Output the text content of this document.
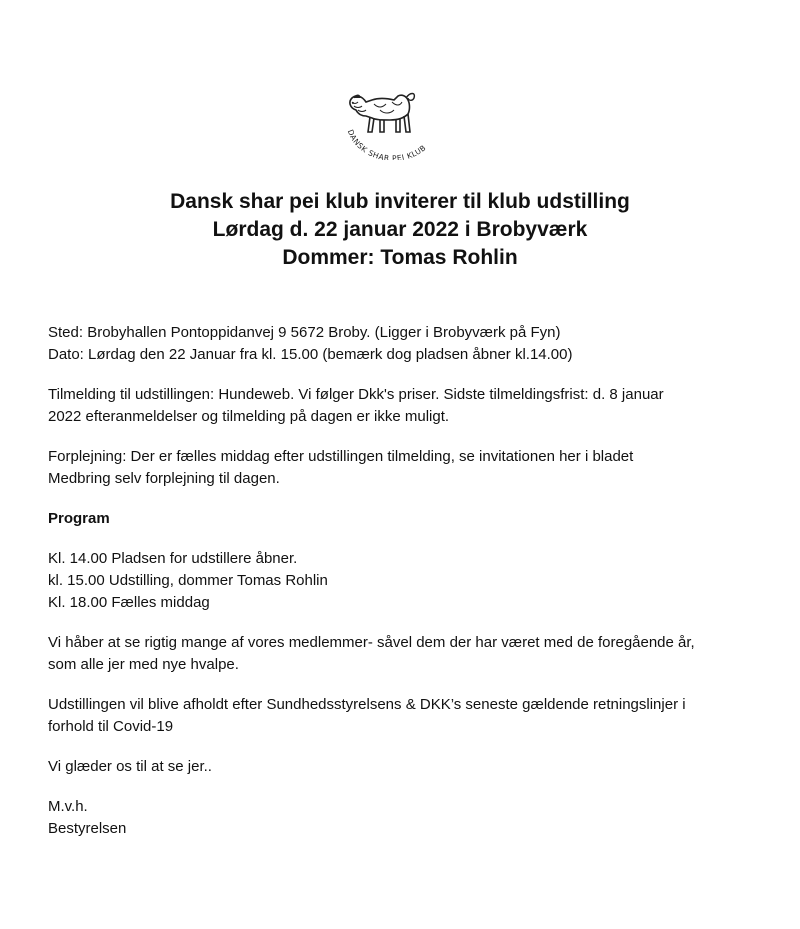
DANSK SHAR PEI KLUB
Dansk shar pei klub inviterer til klub udstilling
Lørdag d. 22 januar 2022 i Brobyværk
Dommer: Tomas Rohlin

Sted: Brobyhallen Pontoppidanvej 9 5672 Broby. (Ligger i Brobyværk på Fyn)

Dato: Lørdag den 22 Januar fra kl. 15.00 (bemærk dog pladsen åbner kl.14.00)

Tilmelding til udstillingen: Hundeweb. Vi følger Dkk's priser. Sidste tilmeldingsfrist: d. 8 januar

2022 efteranmeldelser og tilmelding på dagen er ikke muligt.

Forplejning: Der er fælles middag efter udstillingen tilmelding, se invitationen her i bladet

Medbring selv forplejning til dagen.

Program

Kl. 14.00 Pladsen for udstillere åbner.

kl. 15.00 Udstilling, dommer Tomas Rohlin

Kl. 18.00 Fælles middag

Vi håber at se rigtig mange af vores medlemmer- såvel dem der har været med de foregående år,

som alle jer med nye hvalpe.

Udstillingen vil blive afholdt efter Sundhedsstyrelsens & DKK’s seneste gældende retningslinjer i

forhold til Covid-19

Vi glæder os til at se jer..

M.v.h.

Bestyrelsen
